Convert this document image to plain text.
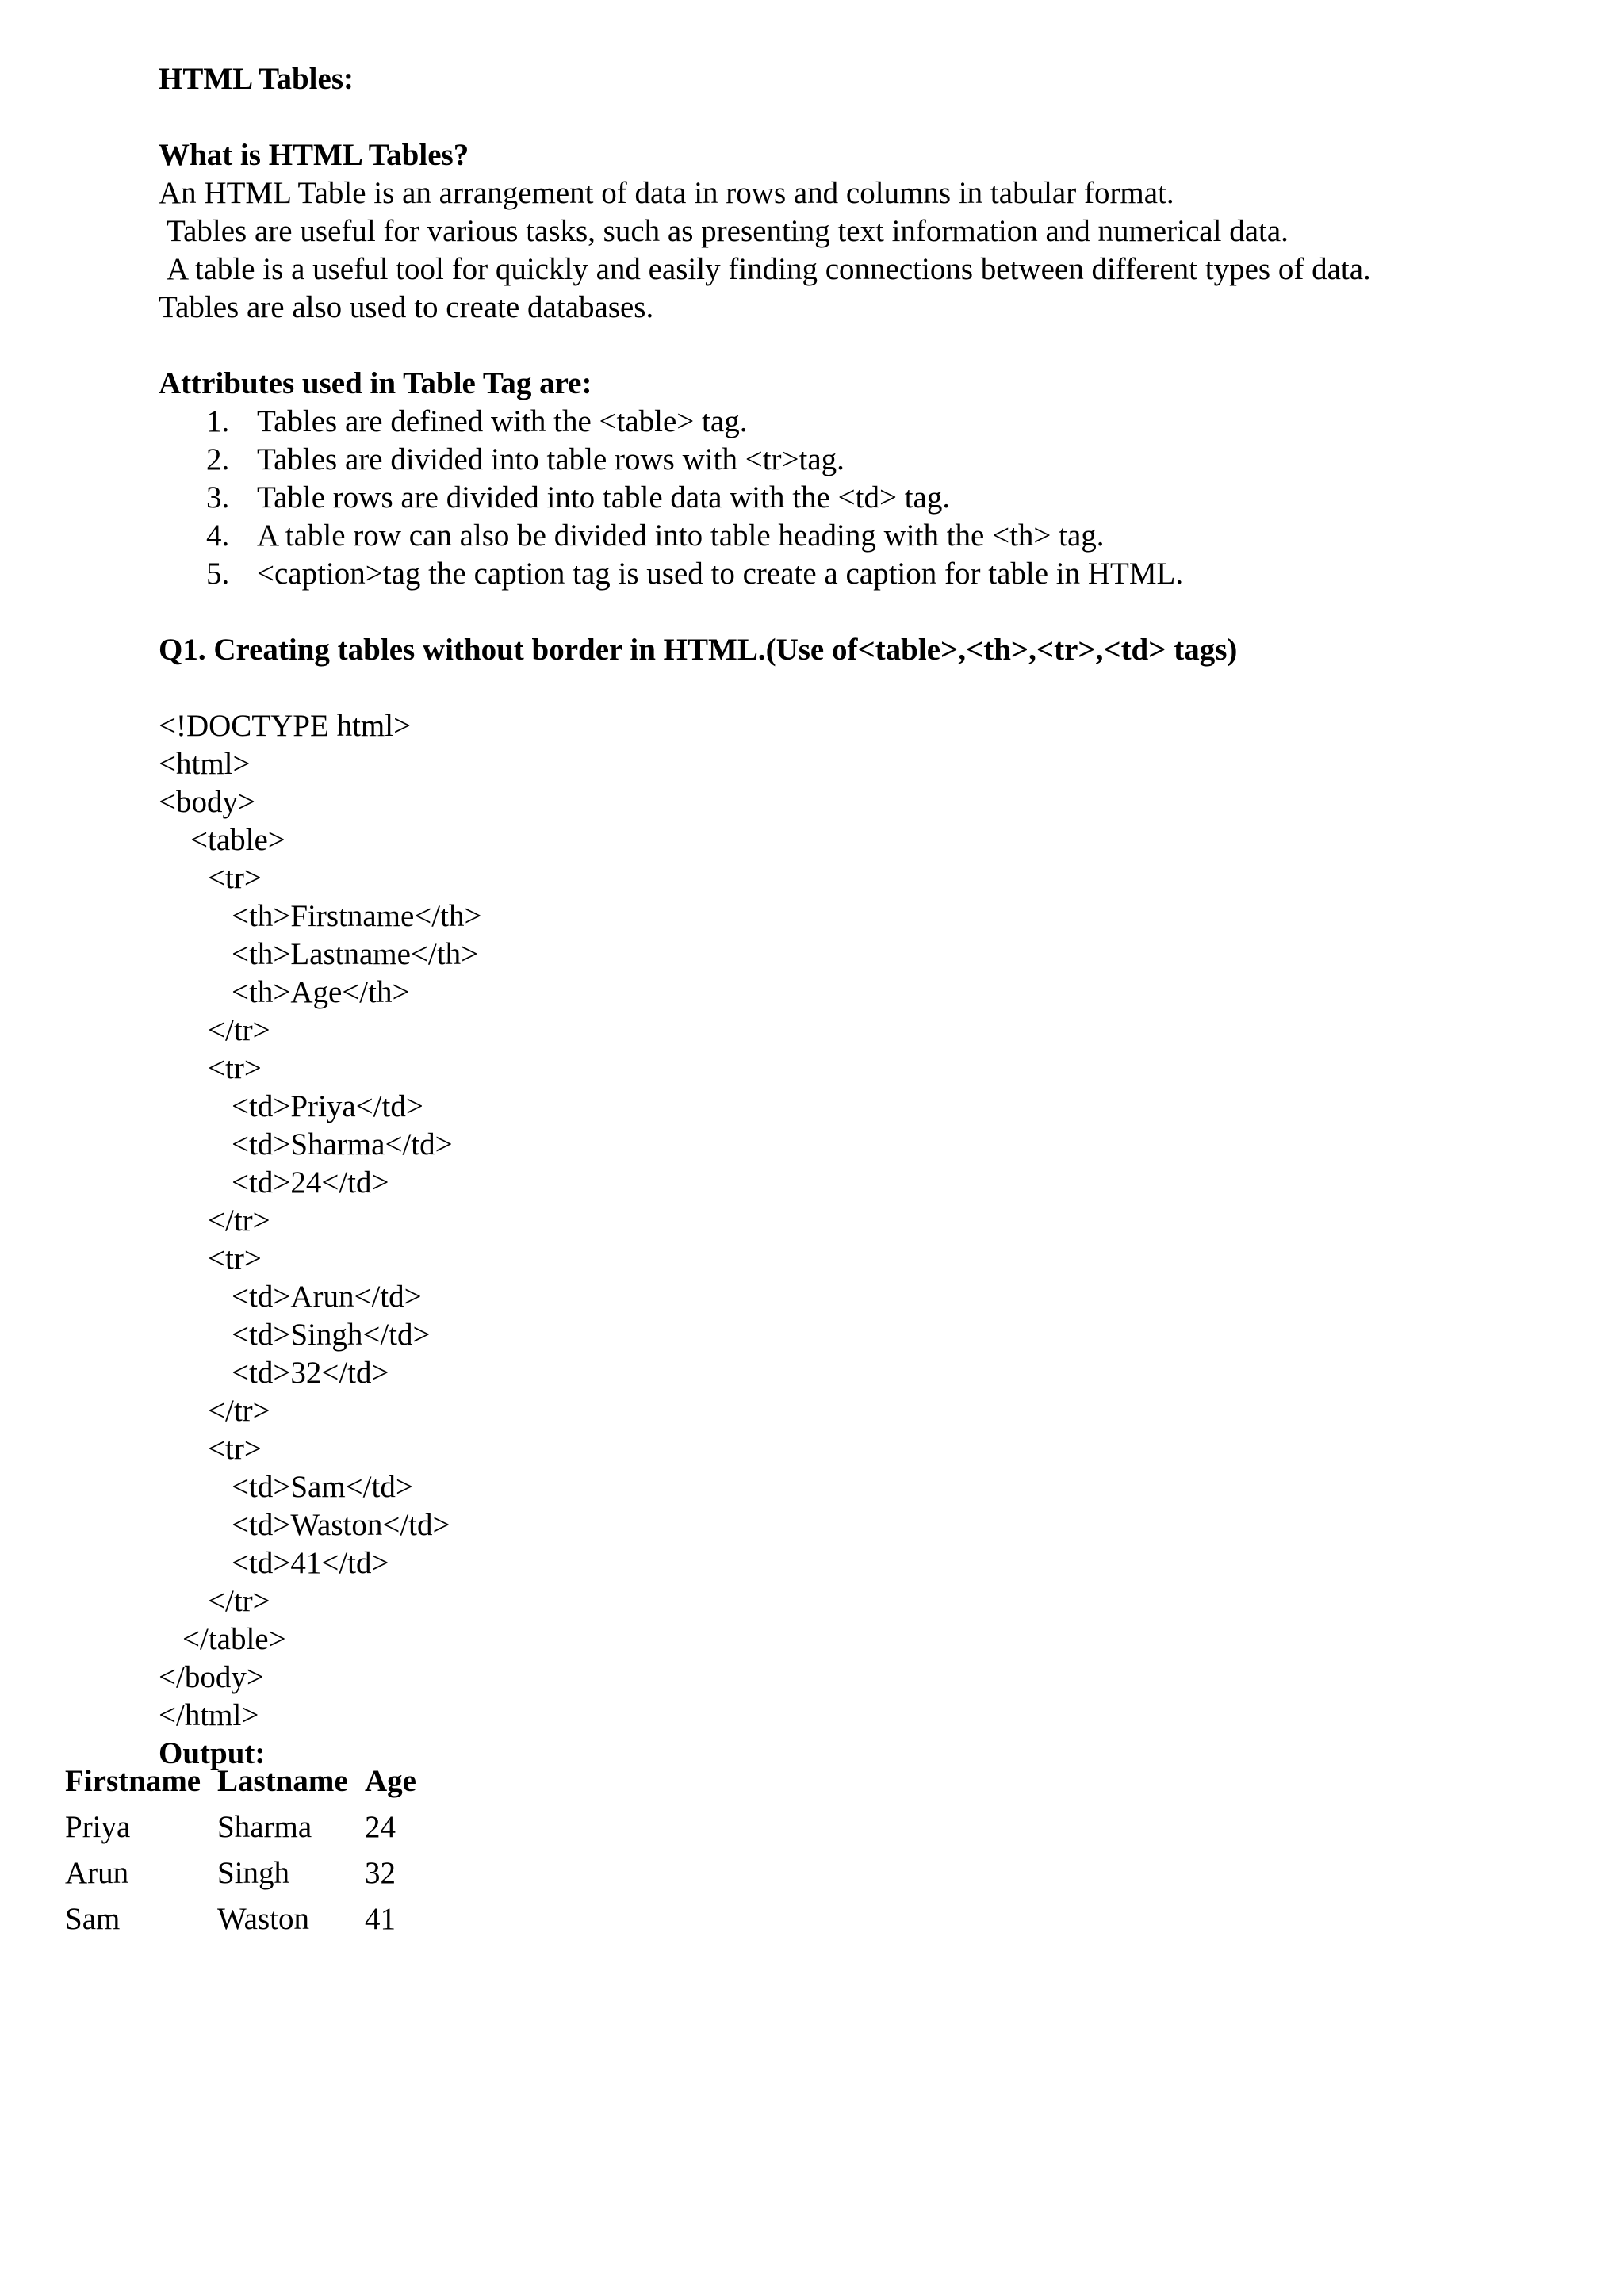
HTML Tables:

What is HTML Tables?

An HTML Table is an arrangement of data in rows and columns in tabular format.

Tables are useful for various tasks, such as presenting text information and numerical data.

A table is a useful tool for quickly and easily finding connections between different types of data.

Tables are also used to create databases.

Attributes used in Table Tag are:

1. Tables are defined with the <table> tag.
2. Tables are divided into table rows with <tr>tag.
3. Table rows are divided into table data with the <td> tag.
4. A table row can also be divided into table heading with the <th> tag.
5. <caption>tag the caption tag is used to create a caption for table in HTML.

Q1. Creating tables without border in HTML.(Use of<table>,<th>,<tr>,<td> tags)

<!DOCTYPE html>
<html>
<body>
<table>
<tr>
<th>Firstname</th>
<th>Lastname</th>
<th>Age</th>
</tr>
<tr>
<td>Priya</td>
<td>Sharma</td>
<td>24</td>
</tr>
<tr>
<td>Arun</td>
<td>Singh</td>
<td>32</td>
</tr>
<tr>
<td>Sam</td>
<td>Waston</td>
<td>41</td>
</tr>
</table>
</body>
</html>
Output:
Firstname	Lastname	Age
Priya	Sharma	24
Arun	Singh	32
Sam	Waston	41
